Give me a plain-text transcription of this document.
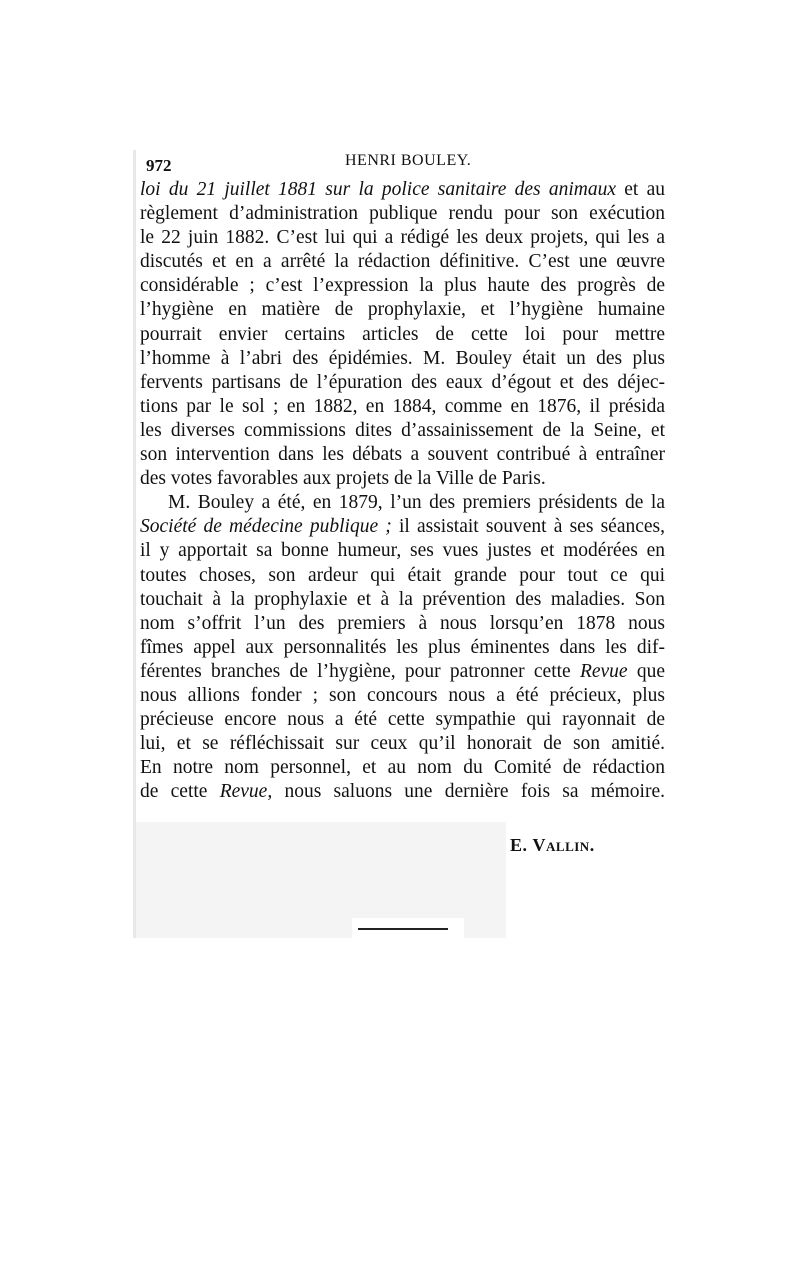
972	HENRI BOULEY.
loi du 21 juillet 1881 sur la police sanitaire des animaux et au
règlement d’administration publique rendu pour son exécution
le 22 juin 1882. C’est lui qui a rédigé les deux projets, qui les a
discutés et en a arrêté la rédaction définitive. C’est une œuvre
considérable ; c’est l’expression la plus haute des progrès de
l’hygiène en matière de prophylaxie, et l’hygiène humaine
pourrait envier certains articles de cette loi pour mettre
l’homme à l’abri des épidémies. M. Bouley était un des plus
fervents partisans de l’épuration des eaux d’égout et des déjec-
tions par le sol ; en 1882, en 1884, comme en 1876, il présida
les diverses commissions dites d’assainissement de la Seine, et
son intervention dans les débats a souvent contribué à entraîner
des votes favorables aux projets de la Ville de Paris.
M. Bouley a été, en 1879, l’un des premiers présidents de la
Société de médecine publique ; il assistait souvent à ses séances,
il y apportait sa bonne humeur, ses vues justes et modérées en
toutes choses, son ardeur qui était grande pour tout ce qui
touchait à la prophylaxie et à la prévention des maladies. Son
nom s’offrit l’un des premiers à nous lorsqu’en 1878 nous
fîmes appel aux personnalités les plus éminentes dans les dif-
férentes branches de l’hygiène, pour patronner cette Revue que
nous allions fonder ; son concours nous a été précieux, plus
précieuse encore nous a été cette sympathie qui rayonnait de
lui, et se réfléchissait sur ceux qu’il honorait de son amitié.
En notre nom personnel, et au nom du Comité de rédaction
de cette Revue, nous saluons une dernière fois sa mémoire.
E. Vallin.
